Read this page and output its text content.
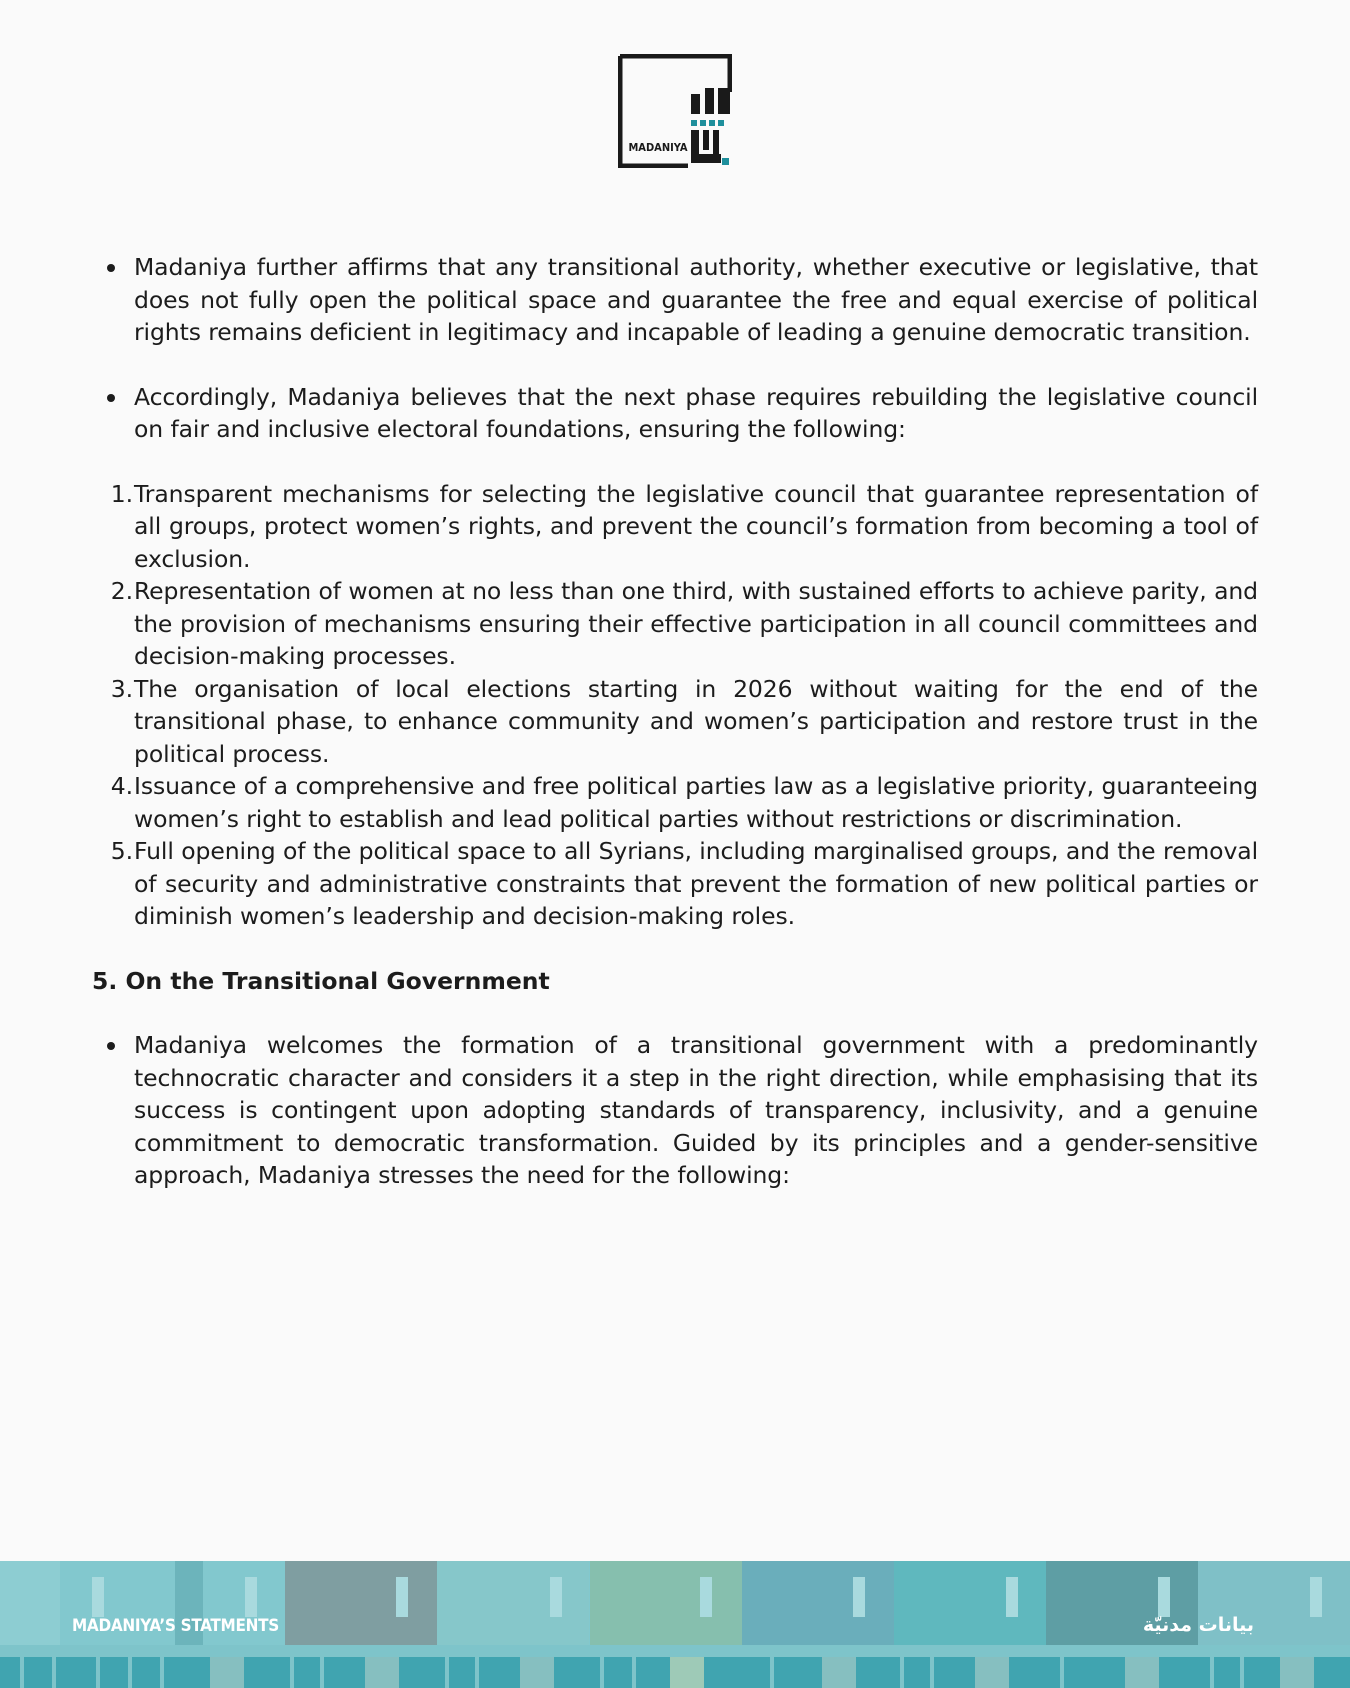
MADANIYA
Madaniya further affirms that any transitional authority, whether executive or legislative, that does not fully open the political space and guarantee the free and equal exercise of political rights remains deficient in legitimacy and incapable of leading a genuine democratic transition.
Accordingly, Madaniya believes that the next phase requires rebuilding the legislative council on fair and inclusive electoral foundations, ensuring the following:
1. Transparent mechanisms for selecting the legislative council that guarantee representation of all groups, protect women’s rights, and prevent the council’s formation from becoming a tool of exclusion.
2. Representation of women at no less than one third, with sustained efforts to achieve parity, and the provision of mechanisms ensuring their effective participation in all council committees and decision-making processes.
3. The organisation of local elections starting in 2026 without waiting for the end of the transitional phase, to enhance community and women’s participation and restore trust in the political process.
4. Issuance of a comprehensive and free political parties law as a legislative priority, guaranteeing women’s right to establish and lead political parties without restrictions or discrimination.
5. Full opening of the political space to all Syrians, including marginalised groups, and the removal of security and administrative constraints that prevent the formation of new political parties or diminish women’s leadership and decision-making roles.
5. On the Transitional Government
Madaniya welcomes the formation of a transitional government with a predominantly technocratic character and considers it a step in the right direction, while emphasising that its success is contingent upon adopting standards of transparency, inclusivity, and a genuine commitment to democratic transformation. Guided by its principles and a gender-sensitive approach, Madaniya stresses the need for the following:
MADANIYA’S STATMENTS	بيانات مدنيّة
